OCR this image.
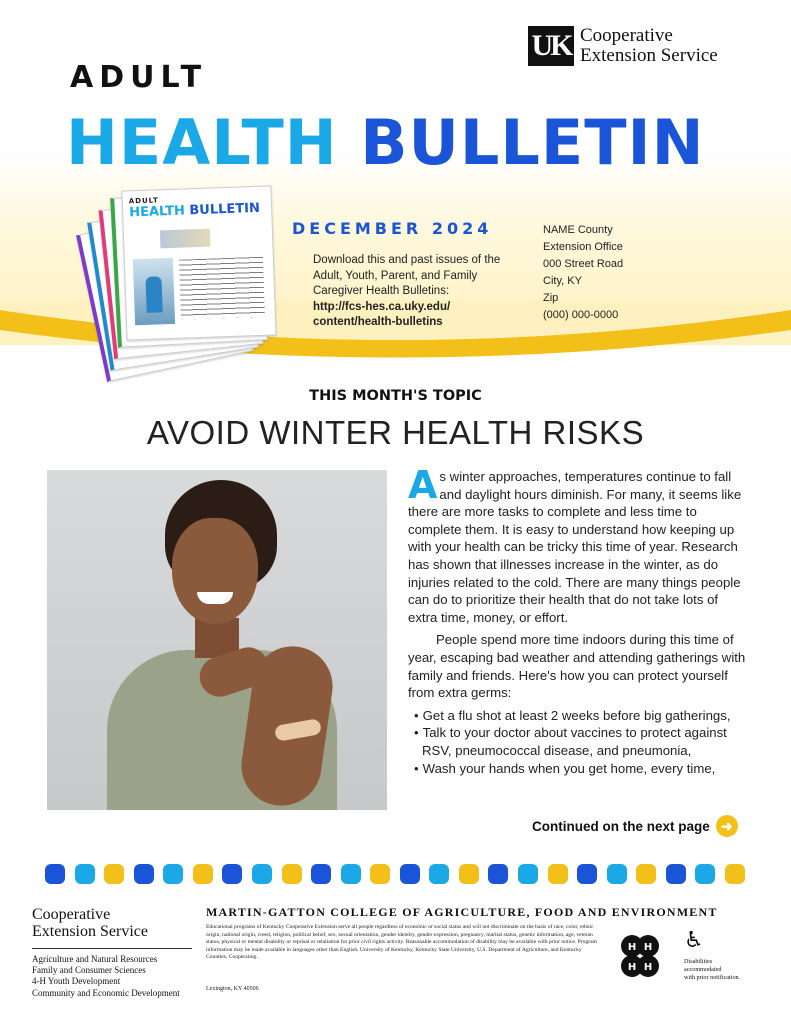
UK Cooperative
Extension Service
ADULT
HEALTH BULLETIN
ADULT
HEALTH BULLETIN
DECEMBER 2024
Download this and past issues of the Adult, Youth, Parent, and Family Caregiver Health Bulletins:
http://fcs-hes.ca.uky.edu/
content/health-bulletins
NAME County
Extension Office
000 Street Road
City, KY
Zip
(000) 000-0000
THIS MONTH'S TOPIC
AVOID WINTER HEALTH RISKS

As winter approaches, temperatures continue to fall and daylight hours diminish. For many, it seems like there are more tasks to complete and less time to complete them. It is easy to understand how keeping up with your health can be tricky this time of year. Research has shown that illnesses increase in the winter, as do injuries related to the cold. There are many things people can do to prioritize their health that do not take lots of extra time, money, or effort.

People spend more time indoors during this time of year, escaping bad weather and attending gatherings with family and friends. Here's how you can protect yourself from extra germs:

• Get a flu shot at least 2 weeks before big gatherings,
• Talk to your doctor about vaccines to protect against RSV, pneumococcal disease, and pneumonia,
• Wash your hands when you get home, every time,
Continued on the next page ➜
Cooperative
Extension Service
Agriculture and Natural Resources
Family and Consumer Sciences
4-H Youth Development
Community and Economic Development
MARTIN-GATTON COLLEGE OF AGRICULTURE, FOOD AND ENVIRONMENT
Educational programs of Kentucky Cooperative Extension serve all people regardless of economic or social status and will not discriminate on the basis of race, color, ethnic origin, national origin, creed, religion, political belief, sex, sexual orientation, gender identity, gender expression, pregnancy, marital status, genetic information, age, veteran status, physical or mental disability or reprisal or retaliation for prior civil rights activity. Reasonable accommodation of disability may be available with prior notice. Program information may be made available in languages other than English. University of Kentucky, Kentucky State University, U.S. Department of Agriculture, and Kentucky Counties, Cooperating.
Lexington, KY 40506
H H
H H
♿
Disabilities
accommodated
with prior notification.
